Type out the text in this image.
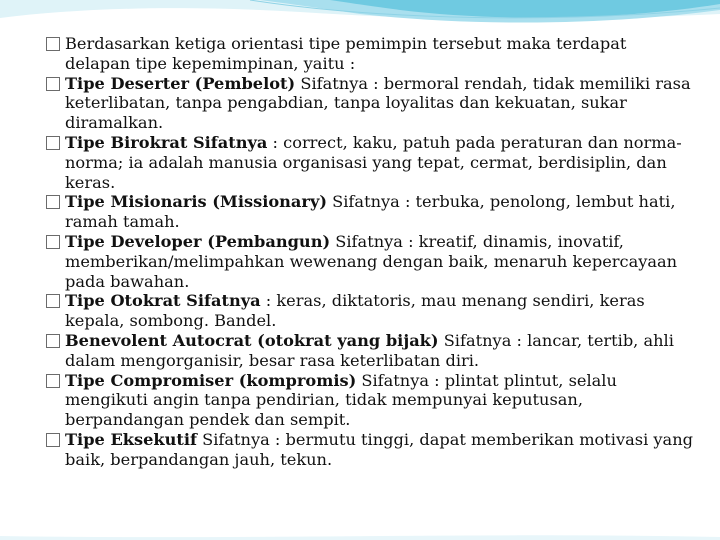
Berdasarkan ketiga orientasi tipe pemimpin tersebut maka terdapat delapan tipe kepemimpinan, yaitu :

Tipe Deserter (Pembelot) Sifatnya : bermoral rendah, tidak memiliki rasa keterlibatan, tanpa pengabdian, tanpa loyalitas dan kekuatan, sukar diramalkan.

Tipe Birokrat Sifatnya : correct, kaku, patuh pada peraturan dan norma-norma; ia adalah manusia organisasi yang tepat, cermat, berdisiplin, dan keras.

Tipe Misionaris (Missionary) Sifatnya : terbuka, penolong, lembut hati, ramah tamah.

Tipe Developer (Pembangun) Sifatnya : kreatif, dinamis, inovatif, memberikan/melimpahkan wewenang dengan baik, menaruh kepercayaan pada bawahan.

Tipe Otokrat Sifatnya : keras, diktatoris, mau menang sendiri, keras kepala, sombong. Bandel.

Benevolent Autocrat (otokrat yang bijak) Sifatnya : lancar, tertib, ahli dalam mengorganisir, besar rasa keterlibatan diri.

Tipe Compromiser (kompromis) Sifatnya : plintat plintut, selalu mengikuti angin tanpa pendirian, tidak mempunyai keputusan, berpandangan pendek dan sempit.

Tipe Eksekutif Sifatnya : bermutu tinggi, dapat memberikan motivasi yang baik, berpandangan jauh, tekun.
